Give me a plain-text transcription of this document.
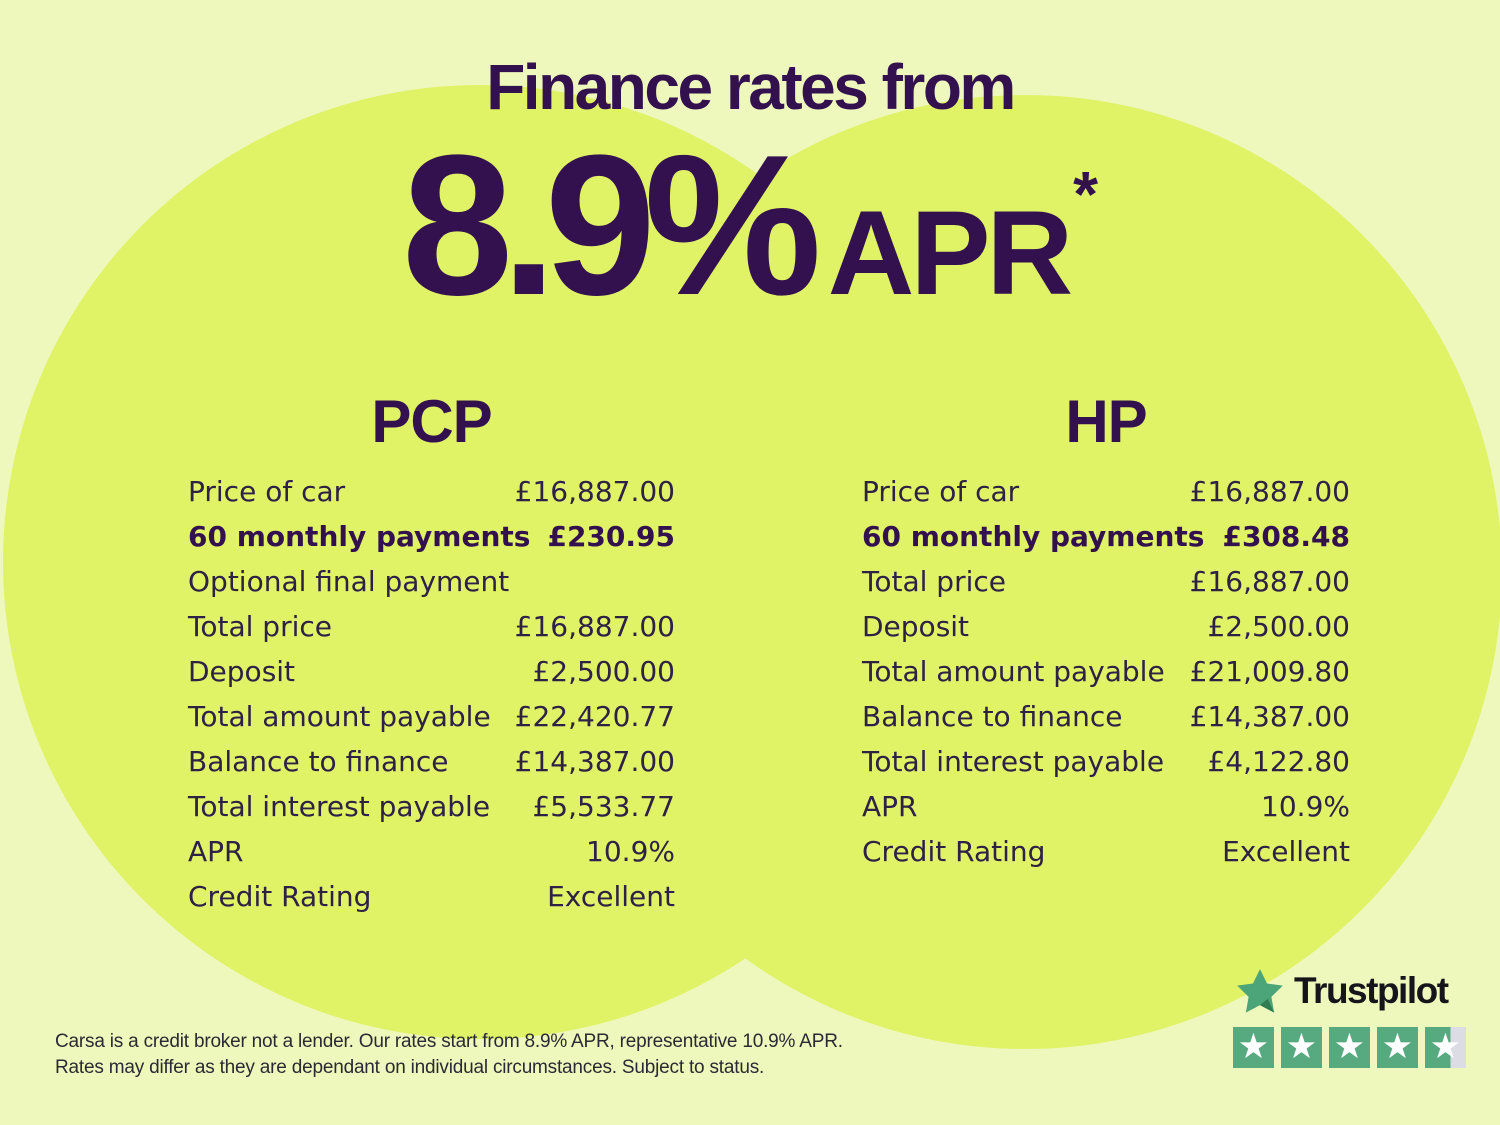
Finance rates from
8.9% APR*
PCP
Price of car	£16,887.00
60 monthly payments £230.95
Optional final payment
Total price	£16,887.00
Deposit	£2,500.00
Total amount payable £22,420.77
Balance to finance £14,387.00
Total interest payable £5,533.77
APR	10.9%
Credit Rating	Excellent
HP
Price of car	£16,887.00
60 monthly payments £308.48
Total price	£16,887.00
Deposit	£2,500.00
Total amount payable £21,009.80
Balance to finance £14,387.00
Total interest payable £4,122.80
APR	10.9%
Credit Rating	Excellent

Carsa is a credit broker not a lender. Our rates start from 8.9% APR, representative 10.9% APR.
Rates may differ as they are dependant on individual circumstances. Subject to status.

Trustpilot
★ ★ ★ ★ ★
